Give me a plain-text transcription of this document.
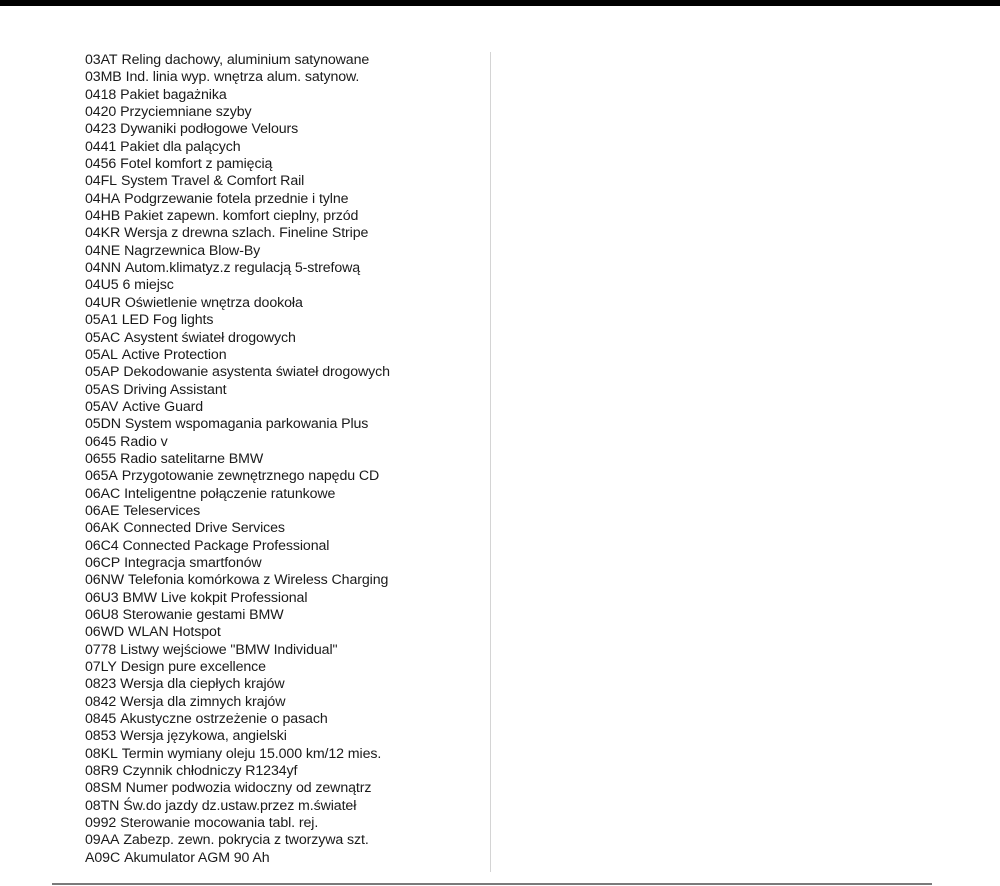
03AT Reling dachowy, aluminium satynowane
03MB Ind. linia wyp. wnętrza alum. satynow.
0418 Pakiet bagażnika
0420 Przyciemniane szyby
0423 Dywaniki podłogowe Velours
0441 Pakiet dla palących
0456 Fotel komfort z pamięcią
04FL System Travel & Comfort Rail
04HA Podgrzewanie fotela przednie i tylne
04HB Pakiet zapewn. komfort cieplny, przód
04KR Wersja z drewna szlach. Fineline Stripe
04NE Nagrzewnica Blow-By
04NN Autom.klimatyz.z regulacją 5-strefową
04U5 6 miejsc
04UR Oświetlenie wnętrza dookoła
05A1 LED Fog lights
05AC Asystent świateł drogowych
05AL Active Protection
05AP Dekodowanie asystenta świateł drogowych
05AS Driving Assistant
05AV Active Guard
05DN System wspomagania parkowania Plus
0645 Radio v
0655 Radio satelitarne BMW
065A Przygotowanie zewnętrznego napędu CD
06AC Inteligentne połączenie ratunkowe
06AE Teleservices
06AK Connected Drive Services
06C4 Connected Package Professional
06CP Integracja smartfonów
06NW Telefonia komórkowa z Wireless Charging
06U3 BMW Live kokpit Professional
06U8 Sterowanie gestami BMW
06WD WLAN Hotspot
0778 Listwy wejściowe "BMW Individual"
07LY Design pure excellence
0823 Wersja dla ciepłych krajów
0842 Wersja dla zimnych krajów
0845 Akustyczne ostrzeżenie o pasach
0853 Wersja językowa, angielski
08KL Termin wymiany oleju 15.000 km/12 mies.
08R9 Czynnik chłodniczy R1234yf
08SM Numer podwozia widoczny od zewnątrz
08TN Św.do jazdy dz.ustaw.przez m.świateł
0992 Sterowanie mocowania tabl. rej.
09AA Zabezp. zewn. pokrycia z tworzywa szt.
A09C Akumulator AGM 90 Ah
